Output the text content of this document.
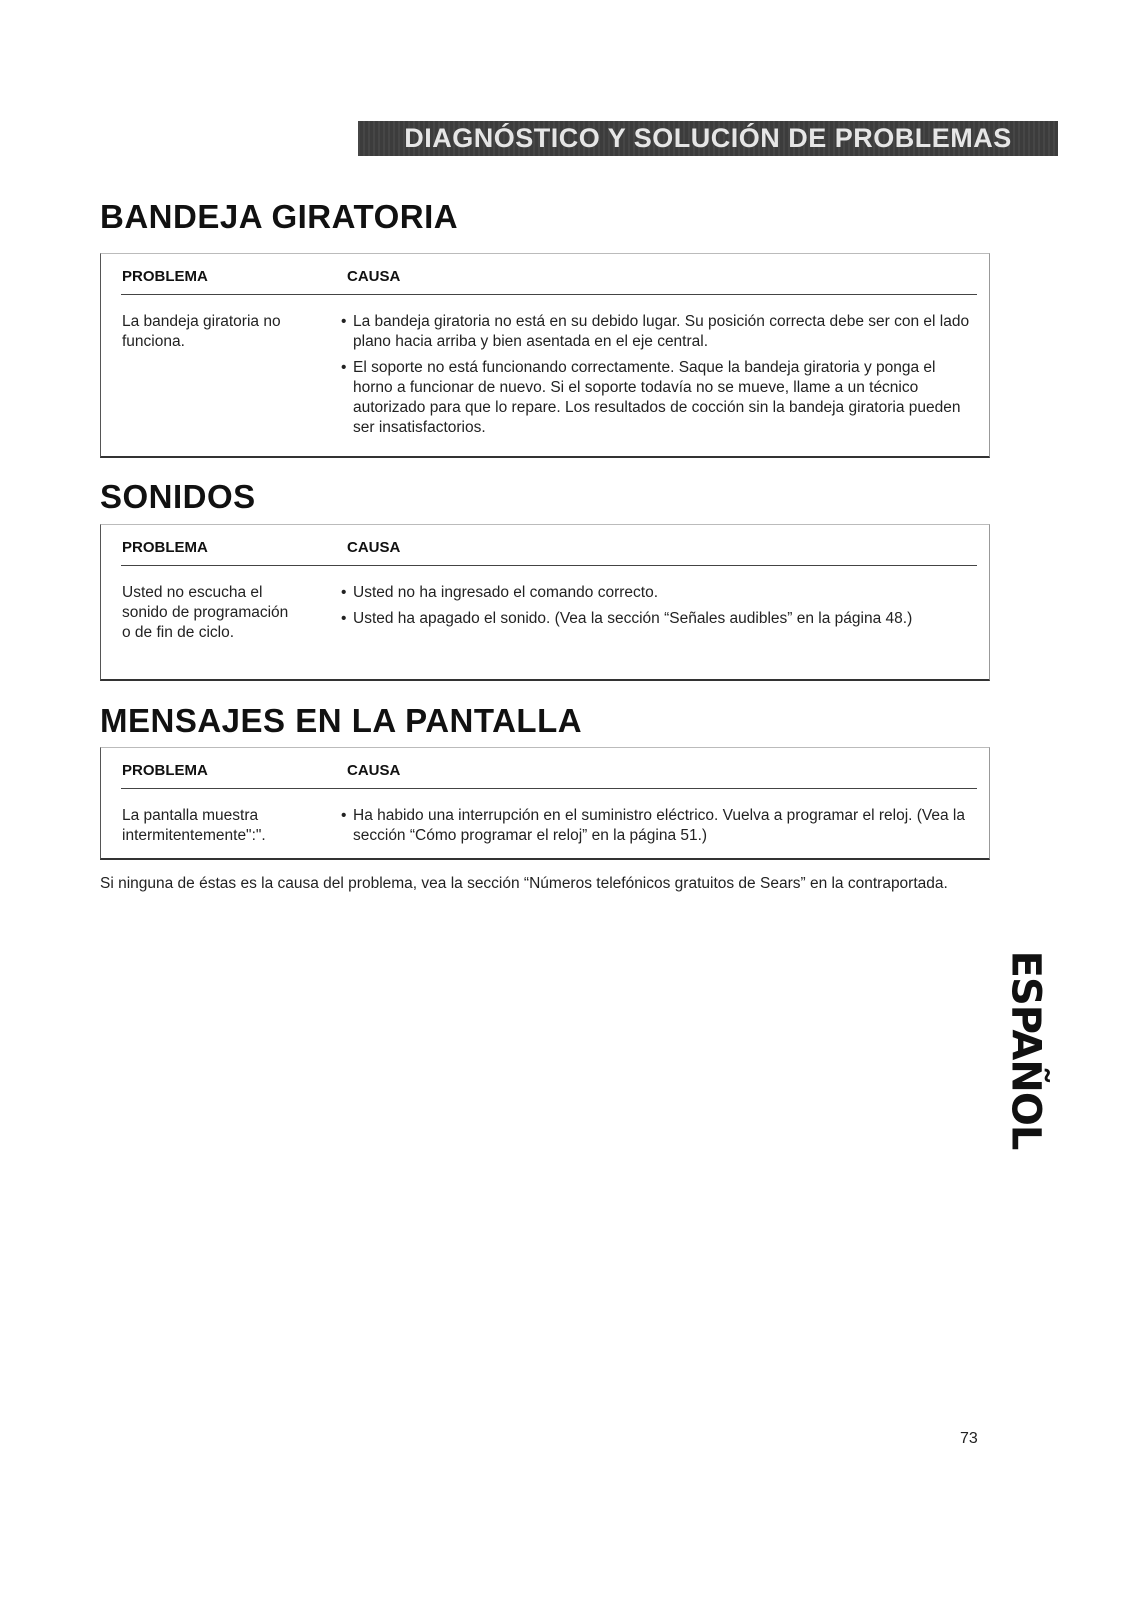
DIAGNÓSTICO Y SOLUCIÓN DE PROBLEMAS
BANDEJA GIRATORIA
PROBLEMA	CAUSA
La bandeja giratoria no funciona.
• La bandeja giratoria no está en su debido lugar. Su posición correcta debe ser con el lado plano hacia arriba y bien asentada en el eje central.
• El soporte no está funcionando correctamente. Saque la bandeja giratoria y ponga el horno a funcionar de nuevo. Si el soporte todavía no se mueve, llame a un técnico autorizado para que lo repare. Los resultados de cocción sin la bandeja giratoria pueden ser insatisfactorios.
SONIDOS
PROBLEMA	CAUSA
Usted no escucha el sonido de programación o de fin de ciclo.
• Usted no ha ingresado el comando correcto.
• Usted ha apagado el sonido. (Vea la sección “Señales audibles” en la página 48.)
MENSAJES EN LA PANTALLA
PROBLEMA	CAUSA
La pantalla muestra intermitentemente":".
• Ha habido una interrupción en el suministro eléctrico. Vuelva a programar el reloj. (Vea la sección “Cómo programar el reloj” en la página 51.)

Si ninguna de éstas es la causa del problema, vea la sección “Números telefónicos gratuitos de Sears” en la contraportada.

ESPAÑOL
73
